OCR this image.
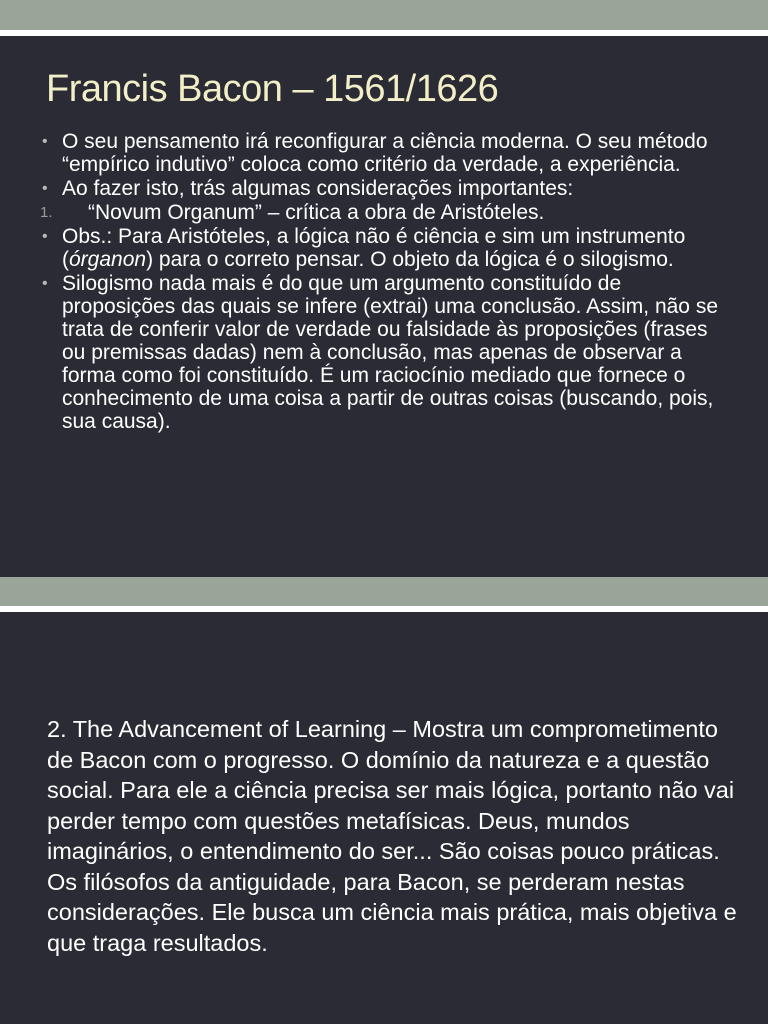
Francis Bacon – 1561/1626
• O seu pensamento irá reconfigurar a ciência moderna. O seu método “empírico indutivo” coloca como critério da verdade, a experiência.
• Ao fazer isto, trás algumas considerações importantes:
1. “Novum Organum” – crítica a obra de Aristóteles.
• Obs.: Para Aristóteles, a lógica não é ciência e sim um instrumento (órganon) para o correto pensar. O objeto da lógica é o silogismo.
• Silogismo nada mais é do que um argumento constituído de proposições das quais se infere (extrai) uma conclusão. Assim, não se trata de conferir valor de verdade ou falsidade às proposições (frases ou premissas dadas) nem à conclusão, mas apenas de observar a forma como foi constituído. É um raciocínio mediado que fornece o conhecimento de uma coisa a partir de outras coisas (buscando, pois, sua causa).

2. The Advancement of Learning – Mostra um comprometimento de Bacon com o progresso. O domínio da natureza e a questão social. Para ele a ciência precisa ser mais lógica, portanto não vai perder tempo com questões metafísicas. Deus, mundos imaginários, o entendimento do ser... São coisas pouco práticas. Os filósofos da antiguidade, para Bacon, se perderam nestas considerações. Ele busca um ciência mais prática, mais objetiva e que traga resultados.
